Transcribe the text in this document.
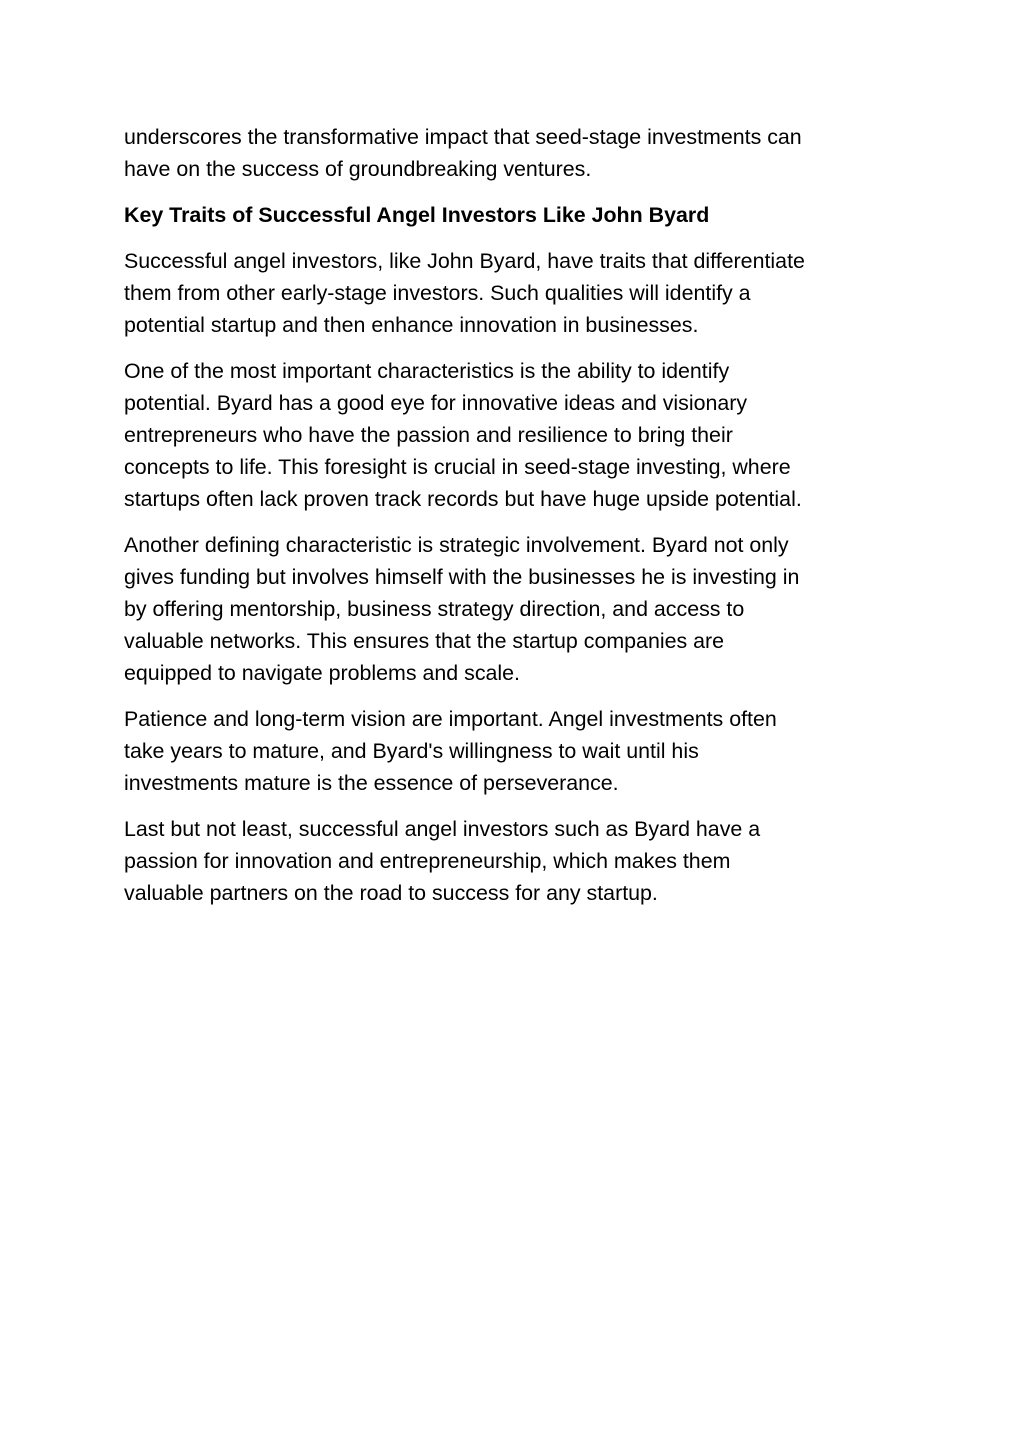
underscores the transformative impact that seed-stage investments can
have on the success of groundbreaking ventures.

Key Traits of Successful Angel Investors Like John Byard

Successful angel investors, like John Byard, have traits that differentiate
them from other early-stage investors. Such qualities will identify a
potential startup and then enhance innovation in businesses.

One of the most important characteristics is the ability to identify
potential. Byard has a good eye for innovative ideas and visionary
entrepreneurs who have the passion and resilience to bring their
concepts to life. This foresight is crucial in seed-stage investing, where
startups often lack proven track records but have huge upside potential.

Another defining characteristic is strategic involvement. Byard not only
gives funding but involves himself with the businesses he is investing in
by offering mentorship, business strategy direction, and access to
valuable networks. This ensures that the startup companies are
equipped to navigate problems and scale.

Patience and long-term vision are important. Angel investments often
take years to mature, and Byard's willingness to wait until his
investments mature is the essence of perseverance.

Last but not least, successful angel investors such as Byard have a
passion for innovation and entrepreneurship, which makes them
valuable partners on the road to success for any startup.
